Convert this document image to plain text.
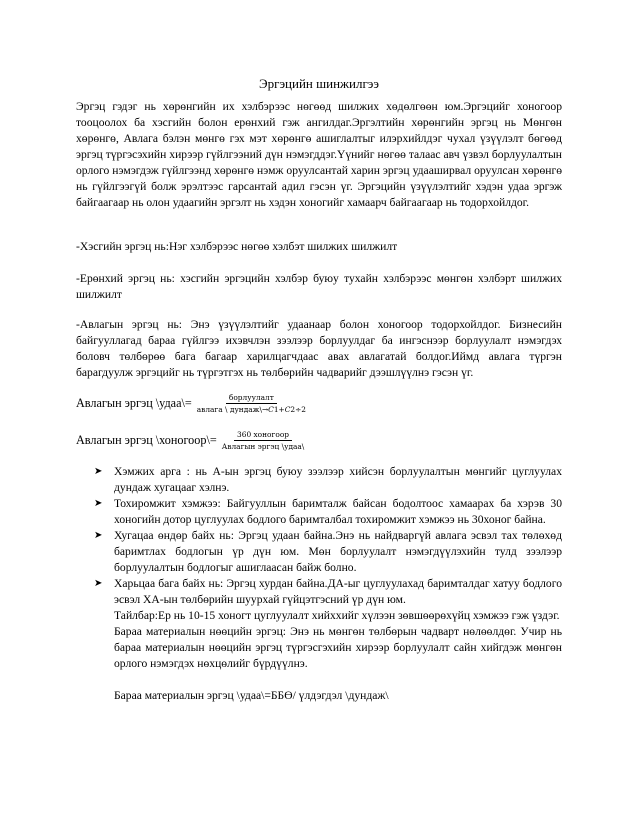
Эргэцийн шинжилгээ

Эргэц гэдэг нь хөрөнгийн их хэлбэрээс нөгөөд шилжих хөдөлгөөн юм.Эргэцийг хоногоор тооцоолох ба хэсгийн болон ерөнхий гэж ангилдаг.Эргэлтийн хөрөнгийн эргэц нь Мөнгөн хөрөнгө, Авлага бэлэн мөнгө гэх мэт хөрөнгө ашиглалтыг илэрхийлдэг чухал үзүүлэлт бөгөөд эргэц түргэсэхийн хирээр гүйлгээний дүн нэмэгддэг.Үүнийг нөгөө талаас авч үзвэл борлуулалтын орлого нэмэгдэж гүйлгээнд хөрөнгө нэмж оруулсантай харин эргэц удааширвал оруулсан хөрөнгө нь гүйлгээгүй болж эрэлтээс гарсантай адил гэсэн үг. Эргэцийн үзүүлэлтийг хэдэн удаа эргэж байгаагаар нь олон удаагийн эргэлт нь хэдэн хоногийг хамаарч байгаагаар нь тодорхойлдог.

-Хэсгийн эргэц нь:Нэг хэлбэрээс нөгөө хэлбэт шилжих шилжилт

-Ерөнхий эргэц нь: хэсгийн эргэцийн хэлбэр буюу тухайн хэлбэрээс мөнгөн хэлбэрт шилжих шилжилт

-Авлагын эргэц нь: Энэ үзүүлэлтийг удаанаар болон хоногоор тодорхойлдог. Бизнесийн байгууллагад бараа гүйлгээ ихэвчлэн зээлээр борлуулдаг ба ингэснээр борлуулалт нэмэгдэх боловч төлбөрөө бага багаар харилцагчдаас авах авлагатай болдог.Иймд авлага түргэн барагдуулж эргэцийг нь түргэтгэх нь төлбөрийн чадварийг дээшлүүлнэ гэсэн үг.

Авлагын эргэц \удаа\= $\frac{\text{борлуулалт}}{\text{авлага \textbackslash{} дундаж\textbackslash{}→𝐶1+𝐶2÷2}}$
Авлагын эргэц \хоногоор\= $\frac{\text{360 хоногоор}}{\text{Авлагын эргэц \textbackslash{}удаа\textbackslash{}}}$
➤ Хэмжих арга : нь А-ын эргэц буюу зээлээр хийсэн борлуулалтын мөнгийг цуглуулах дундаж хугацааг хэлнэ.
➤ Тохиромжит хэмжээ: Байгууллын баримталж байсан бодолтоос хамаарах ба хэрэв 30 хоногийн дотор цуглуулах бодлого баримталбал тохиромжит хэмжээ нь 30хоног байна.
➤ Хугацаа өндөр байх нь: Эргэц удаан байна.Энэ нь найдваргүй авлага эсвэл тах төлөхөд баримтлах бодлогын үр дүн юм. Мөн борлуулалт нэмэгдүүлэхийн тулд зээлээр борлуулалтын бодлогыг ашиглаасан байж болно.
➤ Харьцаа бага байх нь: Эргэц хурдан байна.ДА-ыг цуглуулахад баримталдаг хатуу бодлого эсвэл ХА-ын төлбөрийн шуурхай гүйцэтгэсний үр дүн юм.

Тайлбар:Ер нь 10-15 хоногт цуглуулалт хийххийг хүлээн зөвшөөрөхүйц хэмжээ гэж үздэг.

Бараа материалын нөөцийн эргэц: Энэ нь мөнгөн төлбөрын чадварт нөлөөлдөг. Учир нь бараа материалын нөөцийн эргэц түргэсгэхийн хирээр борлуулалт сайн хийгдэж мөнгөн орлого нэмэгдэх нөхцөлийг бүрдүүлнэ.

Бараа материалын эргэц \удаа\=ББӨ/ үлдэгдэл \дундаж\
